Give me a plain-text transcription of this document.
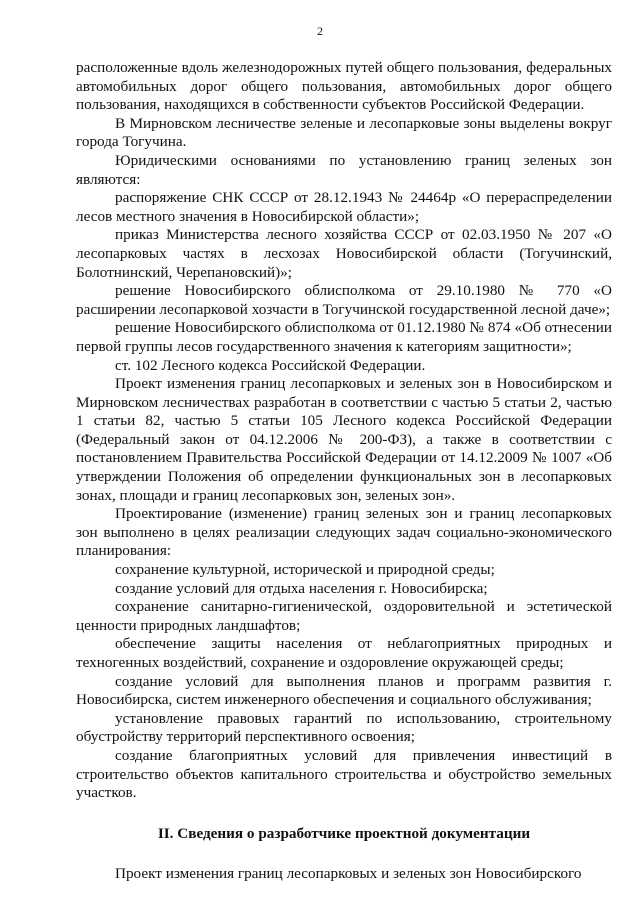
2

расположенные вдоль железнодорожных путей общего пользования, федеральных автомобильных дорог общего пользования, автомобильных дорог общего пользования, находящихся в собственности субъектов Российской Федерации.

В Мирновском лесничестве зеленые и лесопарковые зоны выделены вокруг города Тогучина.

Юридическими основаниями по установлению границ зеленых зон являются:

распоряжение СНК СССР от 28.12.1943 № 24464р «О перераспределении лесов местного значения в Новосибирской области»;

приказ Министерства лесного хозяйства СССР от 02.03.1950 № 207 «О лесопарковых частях в лесхозах Новосибирской области (Тогучинский, Болотнинский, Черепановский)»;

решение Новосибирского облисполкома от 29.10.1980 № 770 «О расширении лесопарковой хозчасти в Тогучинской государственной лесной даче»;

решение Новосибирского облисполкома от 01.12.1980 № 874 «Об отнесении первой группы лесов государственного значения к категориям защитности»;

ст. 102 Лесного кодекса Российской Федерации.

Проект изменения границ лесопарковых и зеленых зон в Новосибирском и Мирновском лесничествах разработан в соответствии с частью 5 статьи 2, частью 1 статьи 82, частью 5 статьи 105 Лесного кодекса Российской Федерации (Федеральный закон от 04.12.2006 № 200-ФЗ), а также в соответствии с постановлением Правительства Российской Федерации от 14.12.2009 № 1007 «Об утверждении Положения об определении функциональных зон в лесопарковых зонах, площади и границ лесопарковых зон, зеленых зон».

Проектирование (изменение) границ зеленых зон и границ лесопарковых зон выполнено в целях реализации следующих задач социально-экономического планирования:

сохранение культурной, исторической и природной среды;

создание условий для отдыха населения г. Новосибирска;

сохранение санитарно-гигиенической, оздоровительной и эстетической ценности природных ландшафтов;

обеспечение защиты населения от неблагоприятных природных и техногенных воздействий, сохранение и оздоровление окружающей среды;

создание условий для выполнения планов и программ развития г. Новосибирска, систем инженерного обеспечения и социального обслуживания;

установление правовых гарантий по использованию, строительному обустройству территорий перспективного освоения;

создание благоприятных условий для привлечения инвестиций в строительство объектов капитального строительства и обустройство земельных участков.

II. Сведения о разработчике проектной документации

Проект изменения границ лесопарковых и зеленых зон Новосибирского
